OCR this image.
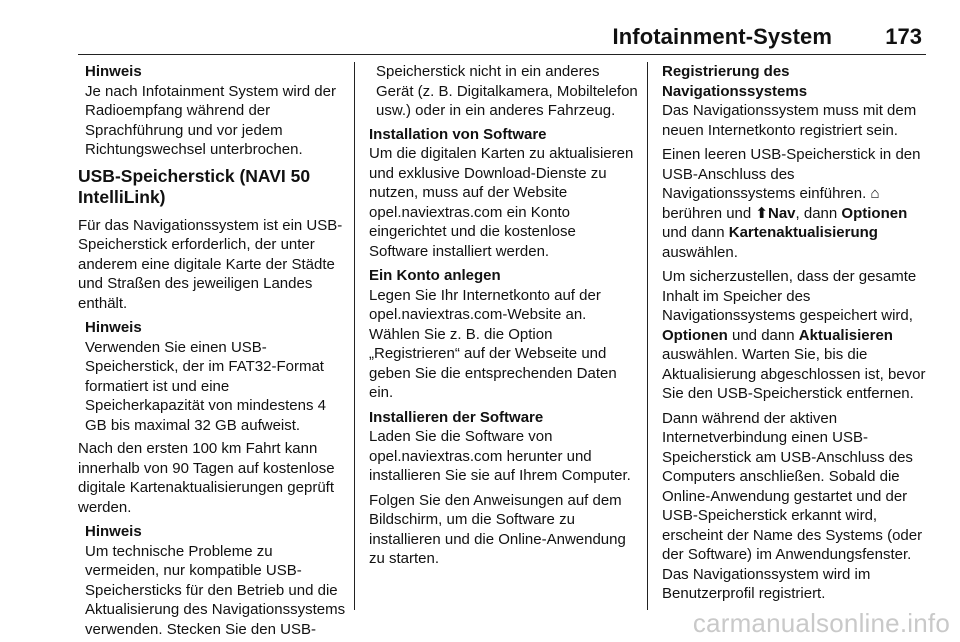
Infotainment-System 173
Hinweis
Je nach Infotainment System wird der Radioempfang während der Sprachführung und vor jedem Richtungswechsel unterbrochen.
USB-Speicherstick (NAVI 50 IntelliLink)

Für das Navigationssystem ist ein USB-Speicherstick erforderlich, der unter anderem eine digitale Karte der Städte und Straßen des jeweiligen Landes enthält.

Hinweis
Verwenden Sie einen USB-Speicherstick, der im FAT32-Format formatiert ist und eine Speicherkapazität von mindestens 4 GB bis maximal 32 GB aufweist.

Nach den ersten 100 km Fahrt kann innerhalb von 90 Tagen auf kostenlose digitale Kartenaktualisierungen geprüft werden.

Hinweis
Um technische Probleme zu vermeiden, nur kompatible USB-Speichersticks für den Betrieb und die Aktualisierung des Navigationssystems verwenden. Stecken Sie den USB-
Speicherstick nicht in ein anderes Gerät (z. B. Digitalkamera, Mobiltelefon usw.) oder in ein anderes Fahrzeug.
Installation von Software

Um die digitalen Karten zu aktualisieren und exklusive Download-Dienste zu nutzen, muss auf der Website opel.naviextras.com ein Konto eingerichtet und die kostenlose Software installiert werden.

Ein Konto anlegen

Legen Sie Ihr Internetkonto auf der opel.naviextras.com-Website an. Wählen Sie z. B. die Option „Registrieren“ auf der Webseite und geben Sie die entsprechenden Daten ein.

Installieren der Software

Laden Sie die Software von opel.naviextras.com herunter und installieren Sie sie auf Ihrem Computer.

Folgen Sie den Anweisungen auf dem Bildschirm, um die Software zu installieren und die Online-Anwendung zu starten.

Registrierung des Navigationssystems

Das Navigationssystem muss mit dem neuen Internetkonto registriert sein.

Einen leeren USB-Speicherstick in den USB-Anschluss des Navigationssystems einführen. ⌂ berühren und ⬆Nav, dann Optionen und dann Kartenaktualisierung auswählen.

Um sicherzustellen, dass der gesamte Inhalt im Speicher des Navigationssystems gespeichert wird, Optionen und dann Aktualisieren auswählen. Warten Sie, bis die Aktualisierung abgeschlossen ist, bevor Sie den USB-Speicherstick entfernen.

Dann während der aktiven Internetverbindung einen USB-Speicherstick am USB-Anschluss des Computers anschließen. Sobald die Online-Anwendung gestartet und der USB-Speicherstick erkannt wird, erscheint der Name des Systems (oder der Software) im Anwendungsfenster. Das Navigationssystem wird im Benutzerprofil registriert.

carmanualsonline.info
